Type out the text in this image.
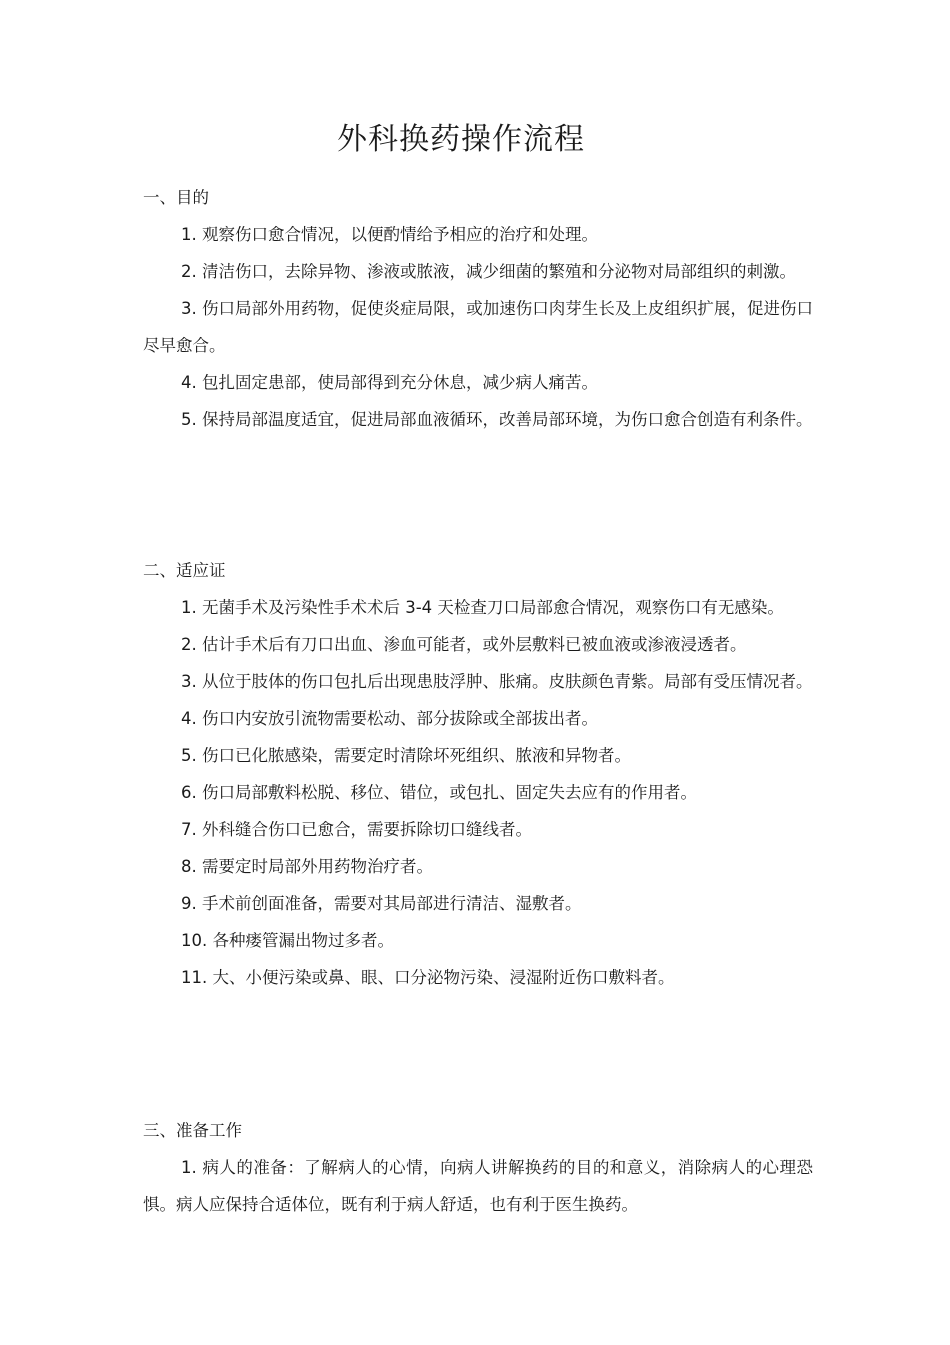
外科换药操作流程
一、目的

1. 观察伤口愈合情况，以便酌情给予相应的治疗和处理。

2. 清洁伤口，去除异物、渗液或脓液，减少细菌的繁殖和分泌物对局部组织的刺激。

3. 伤口局部外用药物，促使炎症局限，或加速伤口肉芽生长及上皮组织扩展，促进伤口尽早愈合。

4. 包扎固定患部，使局部得到充分休息，减少病人痛苦。

5. 保持局部温度适宜，促进局部血液循环，改善局部环境，为伤口愈合创造有利条件。

二、适应证

1. 无菌手术及污染性手术术后 3-4 天检查刀口局部愈合情况，观察伤口有无感染。

2. 估计手术后有刀口出血、渗血可能者，或外层敷料已被血液或渗液浸透者。

3. 从位于肢体的伤口包扎后出现患肢浮肿、胀痛。皮肤颜色青紫。局部有受压情况者。

4. 伤口内安放引流物需要松动、部分拔除或全部拔出者。

5. 伤口已化脓感染，需要定时清除坏死组织、脓液和异物者。

6. 伤口局部敷料松脱、移位、错位，或包扎、固定失去应有的作用者。

7. 外科缝合伤口已愈合，需要拆除切口缝线者。

8. 需要定时局部外用药物治疗者。

9. 手术前创面准备，需要对其局部进行清洁、湿敷者。

10. 各种瘘管漏出物过多者。

11. 大、小便污染或鼻、眼、口分泌物污染、浸湿附近伤口敷料者。

三、准备工作

1. 病人的准备：了解病人的心情，向病人讲解换药的目的和意义，消除病人的心理恐惧。病人应保持合适体位，既有利于病人舒适，也有利于医生换药。
